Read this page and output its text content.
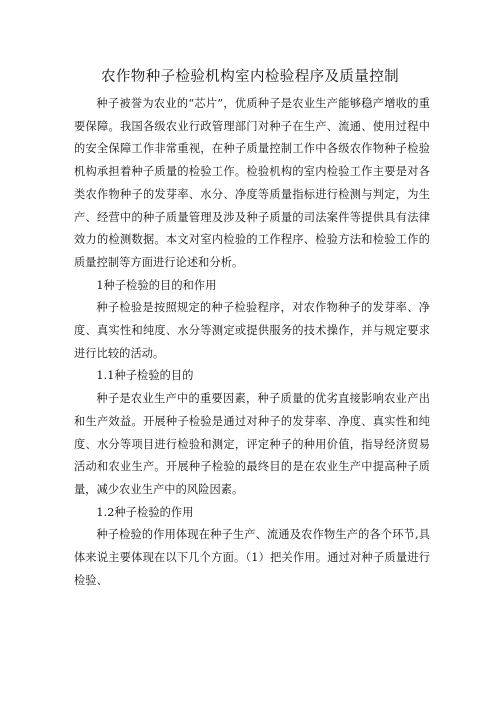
农作物种子检验机构室内检验程序及质量控制

种子被誉为农业的“芯片”，优质种子是农业生产能够稳产增收的重要保障。我国各级农业行政管理部门对种子在生产、流通、使用过程中的安全保障工作非常重视，在种子质量控制工作中各级农作物种子检验机构承担着种子质量的检验工作。检验机构的室内检验工作主要是对各类农作物种子的发芽率、水分、净度等质量指标进行检测与判定，为生产、经营中的种子质量管理及涉及种子质量的司法案件等提供具有法律效力的检测数据。本文对室内检验的工作程序、检验方法和检验工作的质量控制等方面进行论述和分析。

1种子检验的目的和作用

种子检验是按照规定的种子检验程序，对农作物种子的发芽率、净度、真实性和纯度、水分等测定或提供服务的技术操作，并与规定要求进行比较的活动。

1.1种子检验的目的

种子是农业生产中的重要因素，种子质量的优劣直接影响农业产出和生产效益。开展种子检验是通过对种子的发芽率、净度、真实性和纯度、水分等项目进行检验和测定，评定种子的种用价值，指导经济贸易活动和农业生产。开展种子检验的最终目的是在农业生产中提高种子质量，减少农业生产中的风险因素。

1.2种子检验的作用

种子检验的作用体现在种子生产、流通及农作物生产的各个环节,具体来说主要体现在以下几个方面。（1）把关作用。通过对种子质量进行检验、
